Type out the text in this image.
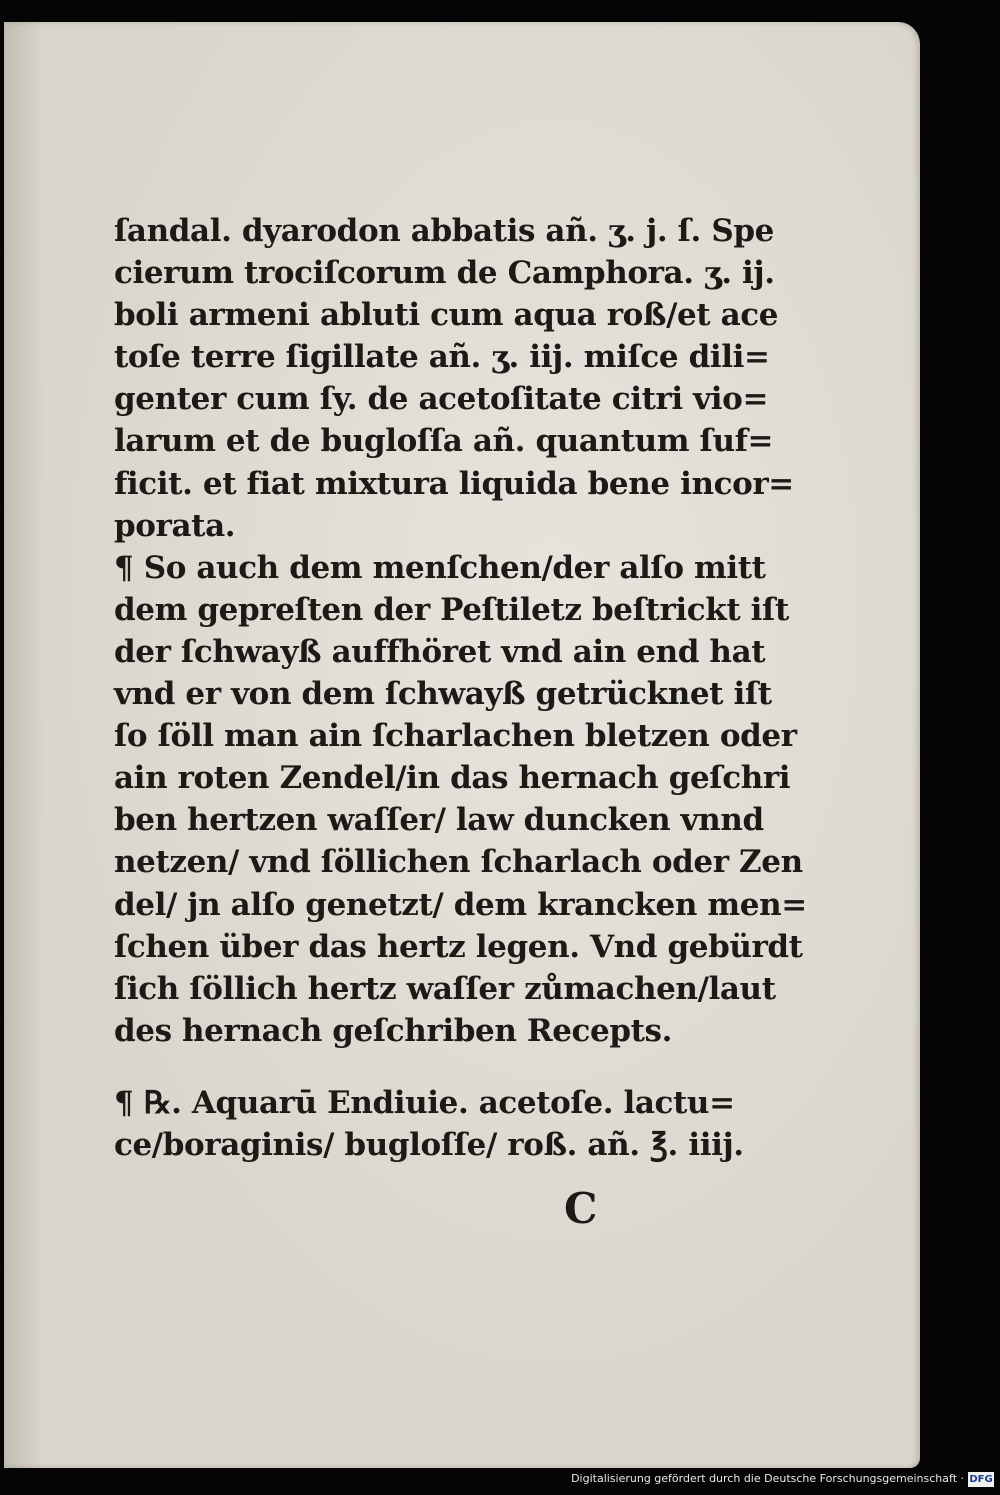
ſandal. dyarodon abbatis añ. ʒ. j. ſ. Spe
cierum trociſcorum de Camphora. ʒ. ij.
boli armeni abluti cum aqua roß/et ace
toſe terre ſigillate añ. ʒ. iij. miſce dili=
genter cum ſy. de acetoſitate citri vio=
larum et de bugloſſa añ. quantum ſuf=
ficit. et fiat mixtura liquida bene incor=
porata.
¶ So auch dem menſchen/der alſo mitt
dem gepreſten der Peſtiletz beſtrickt iſt
der ſchwayß auffhöret vnd ain end hat
vnd er von dem ſchwayß getrücknet iſt
ſo ſöll man ain ſcharlachen bletzen oder
ain roten Zendel/in das hernach geſchri
ben hertzen waſſer/ law duncken vnnd
netzen/ vnd ſöllichen ſcharlach oder Zen
del/ jn alſo genetzt/ dem krancken men=
ſchen über das hertz legen. Vnd gebürdt
ſich ſöllich hertz waſſer zůmachen/laut
des hernach geſchriben Recepts.
¶ ℞. Aquarū Endiuie. acetoſe. lactu=
ce/boraginis/ bugloſſe/ roß. añ. ℥. iiij.
C
Digitalisierung gefördert durch die Deutsche Forschungsgemeinschaft · DFG
